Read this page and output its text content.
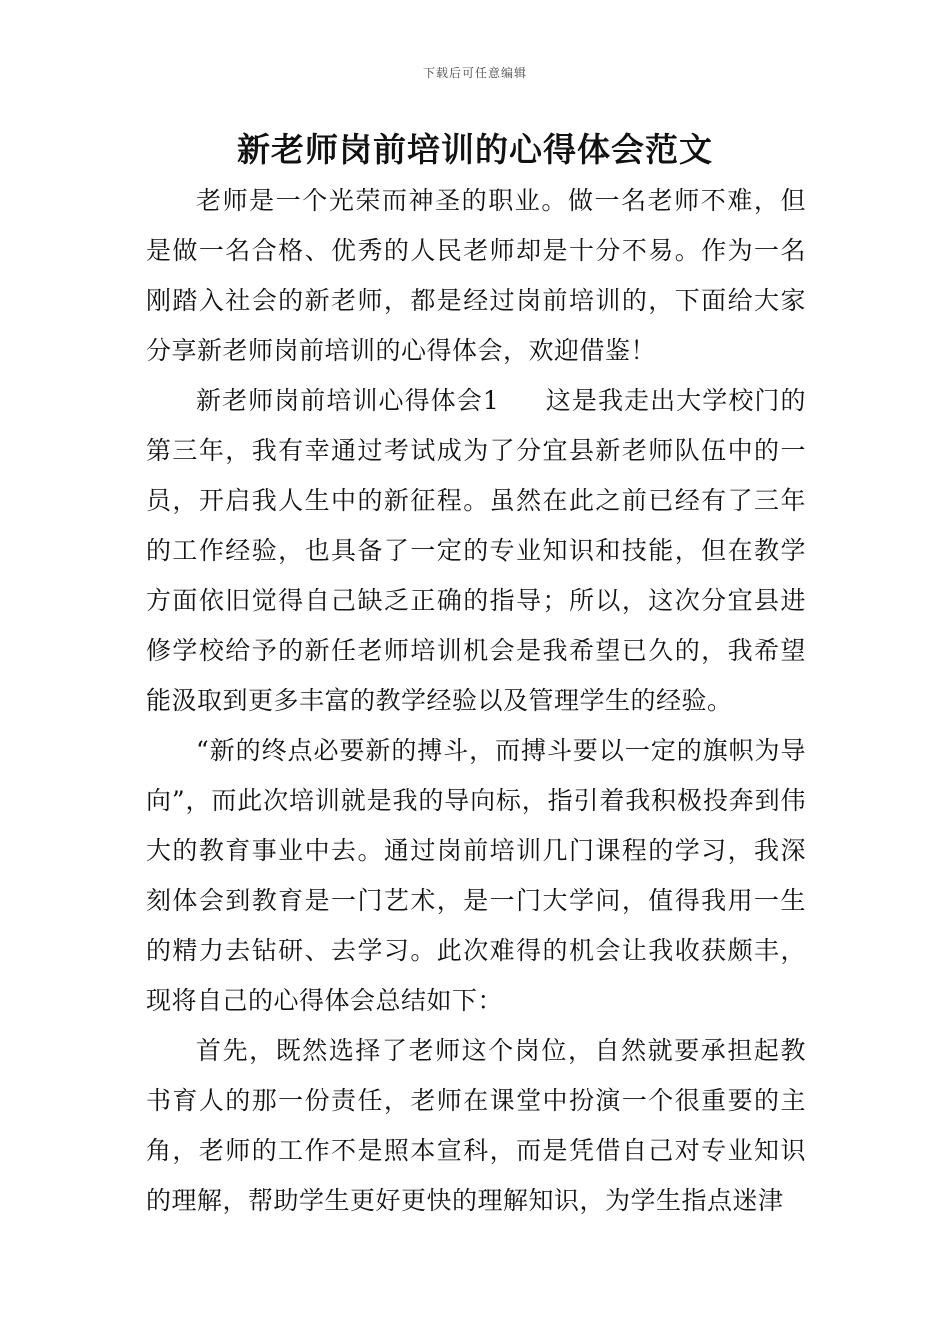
下载后可任意编辑
新老师岗前培训的心得体会范文

老师是一个光荣而神圣的职业。做一名老师不难，但是做一名合格、优秀的人民老师却是十分不易。作为一名刚踏入社会的新老师，都是经过岗前培训的，下面给大家分享新老师岗前培训的心得体会，欢迎借鉴！

新老师岗前培训心得体会1 这是我走出大学校门的第三年，我有幸通过考试成为了分宜县新老师队伍中的一员，开启我人生中的新征程。虽然在此之前已经有了三年的工作经验，也具备了一定的专业知识和技能，但在教学方面依旧觉得自己缺乏正确的指导；所以，这次分宜县进修学校给予的新任老师培训机会是我希望已久的，我希望能汲取到更多丰富的教学经验以及管理学生的经验。

“新的终点必要新的搏斗，而搏斗要以一定的旗帜为导向”，而此次培训就是我的导向标，指引着我积极投奔到伟大的教育事业中去。通过岗前培训几门课程的学习，我深刻体会到教育是一门艺术，是一门大学问，值得我用一生的精力去钻研、去学习。此次难得的机会让我收获颇丰，现将自己的心得体会总结如下：

首先，既然选择了老师这个岗位，自然就要承担起教书育人的那一份责任，老师在课堂中扮演一个很重要的主角，老师的工作不是照本宣科，而是凭借自己对专业知识的理解，帮助学生更好更快的理解知识，为学生指点迷津
